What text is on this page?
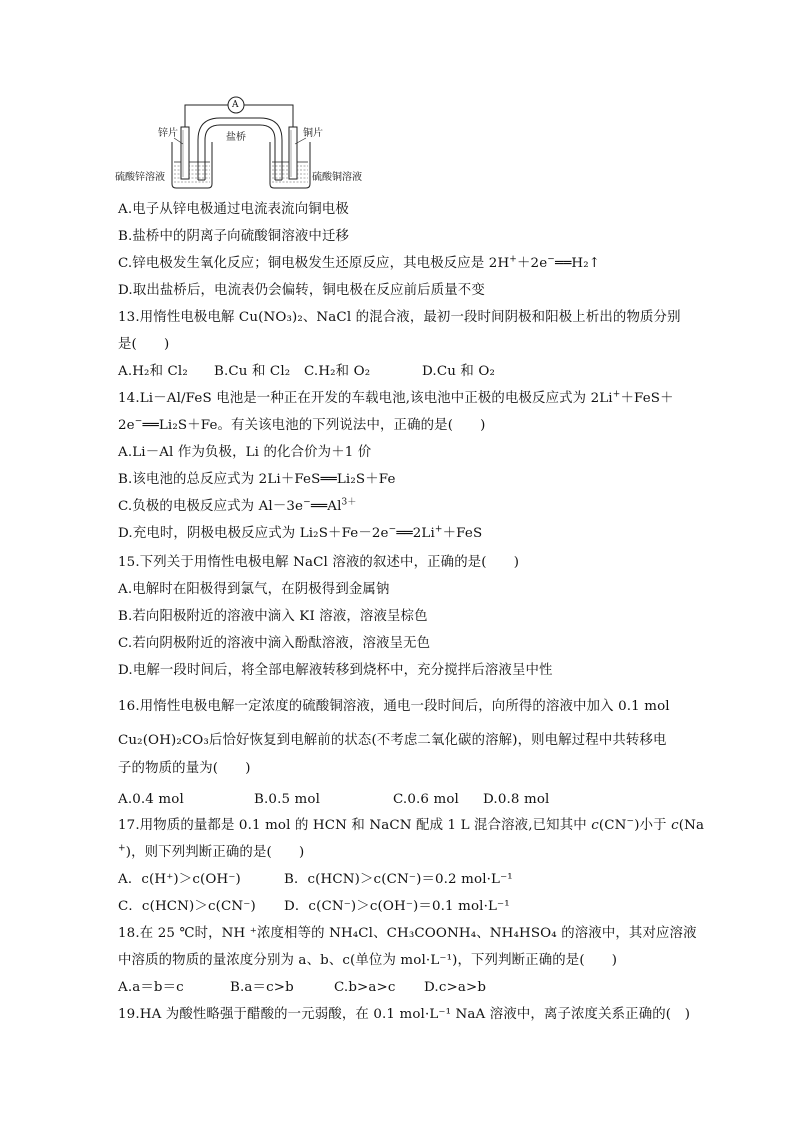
A
锌片	盐桥	铜片
硫酸锌溶液	硫酸铜溶液
A.电子从锌电极通过电流表流向铜电极
B.盐桥中的阴离子向硫酸铜溶液中迁移
C.锌电极发生氧化反应；铜电极发生还原反应，其电极反应是 2H+＋2e−══H₂↑
D.取出盐桥后，电流表仍会偏转，铜电极在反应前后质量不变
13.用惰性电极电解 Cu(NO₃)₂、NaCl 的混合液，最初一段时间阴极和阳极上析出的物质分别
是(　　)
A.H₂和 Cl₂ B.Cu 和 Cl₂ C.H₂和 O₂	D.Cu 和 O₂
14.Li－Al/FeS 电池是一种正在开发的车载电池,该电池中正极的电极反应式为 2Li+＋FeS＋
2e−══Li₂S＋Fe。有关该电池的下列说法中，正确的是(　　)
A.Li－Al 作为负极，Li 的化合价为＋1 价
B.该电池的总反应式为 2Li＋FeS══Li₂S＋Fe
C.负极的电极反应式为 $Al-3e^-══Al^{3+}$
D.充电时，阴极电极反应式为 Li₂S＋Fe－2e−══2Li+＋FeS
15.下列关于用惰性电极电解 NaCl 溶液的叙述中，正确的是(　　)
A.电解时在阳极得到氯气，在阴极得到金属钠
B.若向阳极附近的溶液中滴入 KI 溶液，溶液呈棕色
C.若向阴极附近的溶液中滴入酚酞溶液，溶液呈无色
D.电解一段时间后，将全部电解液转移到烧杯中，充分搅拌后溶液呈中性
16.用惰性电极电解一定浓度的硫酸铜溶液，通电一段时间后，向所得的溶液中加入 0.1 mol
Cu₂(OH)₂CO₃后恰好恢复到电解前的状态(不考虑二氧化碳的溶解)，则电解过程中共转移电
子的物质的量为(　　)
A.0.4 mol	B.0.5 mol	C.0.6 mol D.0.8 mol
17.用物质的量都是 0.1 mol 的 HCN 和 NaCN 配成 1 L 混合溶液,已知其中 c(CN−)小于 c(Na
+)，则下列判断正确的是(　　)
A．c(H⁺)＞c(OH⁻)	B．c(HCN)＞c(CN⁻)＝0.2 mol·L⁻¹
C．c(HCN)＞c(CN⁻) D．c(CN⁻)＞c(OH⁻)＝0.1 mol·L⁻¹
18.在 25 ℃时，NH ⁺浓度相等的 NH₄Cl、CH₃COONH₄、NH₄HSO₄ 的溶液中，其对应溶液
中溶质的物质的量浓度分别为 a、b、c(单位为 mol·L⁻¹)，下列判断正确的是(　　)
A.a＝b＝c	B.a＝c>b	C.b>a>c D.c>a>b
19.HA 为酸性略强于醋酸的一元弱酸，在 0.1 mol·L⁻¹ NaA 溶液中，离子浓度关系正确的(　)
